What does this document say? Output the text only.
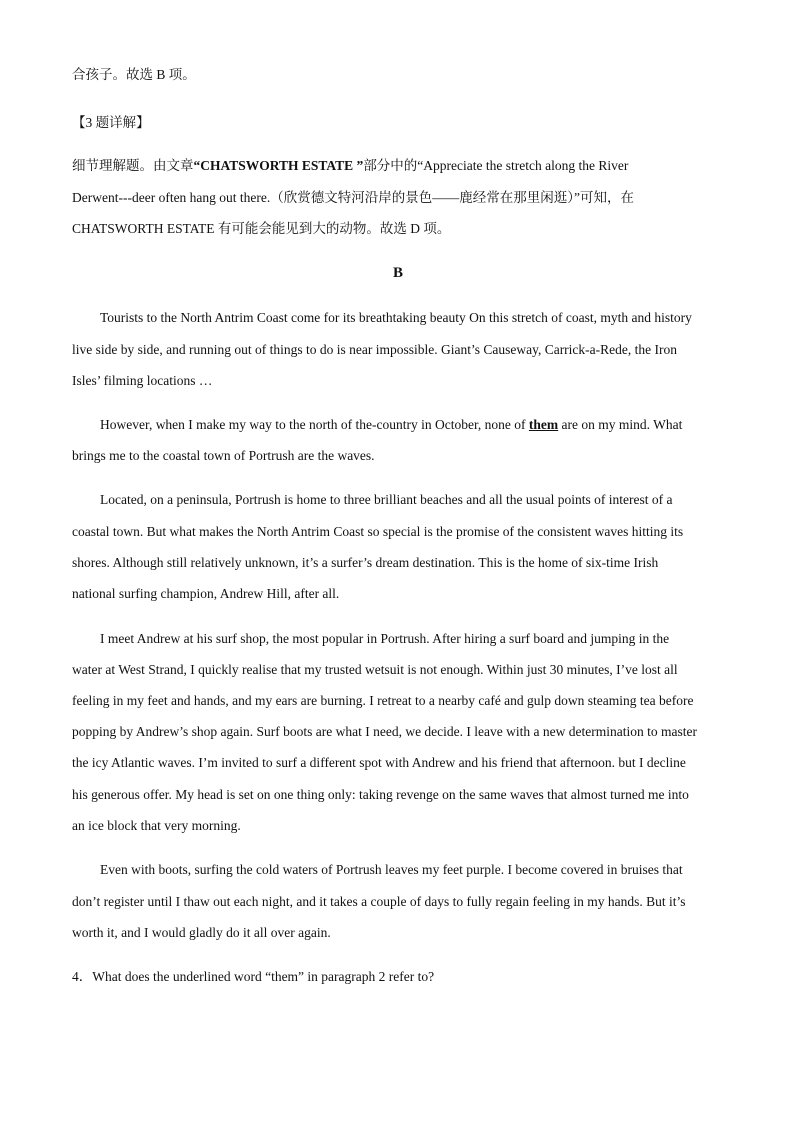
合孩子。故选 B 项。
【3 题详解】
细节理解题。由文章“CHATSWORTH ESTATE ”部分中的“Appreciate the stretch along the River
Derwent---deer often hang out there.（欣赏德文特河沿岸的景色——鹿经常在那里闲逛）”可知，在
CHATSWORTH ESTATE 有可能会能见到大的动物。故选 D 项。
B
Tourists to the North Antrim Coast come for its breathtaking beauty On this stretch of coast, myth and history
live side by side, and running out of things to do is near impossible. Giant’s Causeway, Carrick-a-Rede, the Iron
Isles’ filming locations …
However, when I make my way to the north of the-country in October, none of them are on my mind. What
brings me to the coastal town of Portrush are the waves.
Located, on a peninsula, Portrush is home to three brilliant beaches and all the usual points of interest of a
coastal town. But what makes the North Antrim Coast so special is the promise of the consistent waves hitting its
shores. Although still relatively unknown, it’s a surfer’s dream destination. This is the home of six-time Irish
national surfing champion, Andrew Hill, after all.
I meet Andrew at his surf shop, the most popular in Portrush. After hiring a surf board and jumping in the
water at West Strand, I quickly realise that my trusted wetsuit is not enough. Within just 30 minutes, I’ve lost all
feeling in my feet and hands, and my ears are burning. I retreat to a nearby café and gulp down steaming tea before
popping by Andrew’s shop again. Surf boots are what I need, we decide. I leave with a new determination to master
the icy Atlantic waves. I’m invited to surf a different spot with Andrew and his friend that afternoon. but I decline
his generous offer. My head is set on one thing only: taking revenge on the same waves that almost turned me into
an ice block that very morning.
Even with boots, surfing the cold waters of Portrush leaves my feet purple. I become covered in bruises that
don’t register until I thaw out each night, and it takes a couple of days to fully regain feeling in my hands. But it’s
worth it, and I would gladly do it all over again.
4．What does the underlined word “them” in paragraph 2 refer to?
